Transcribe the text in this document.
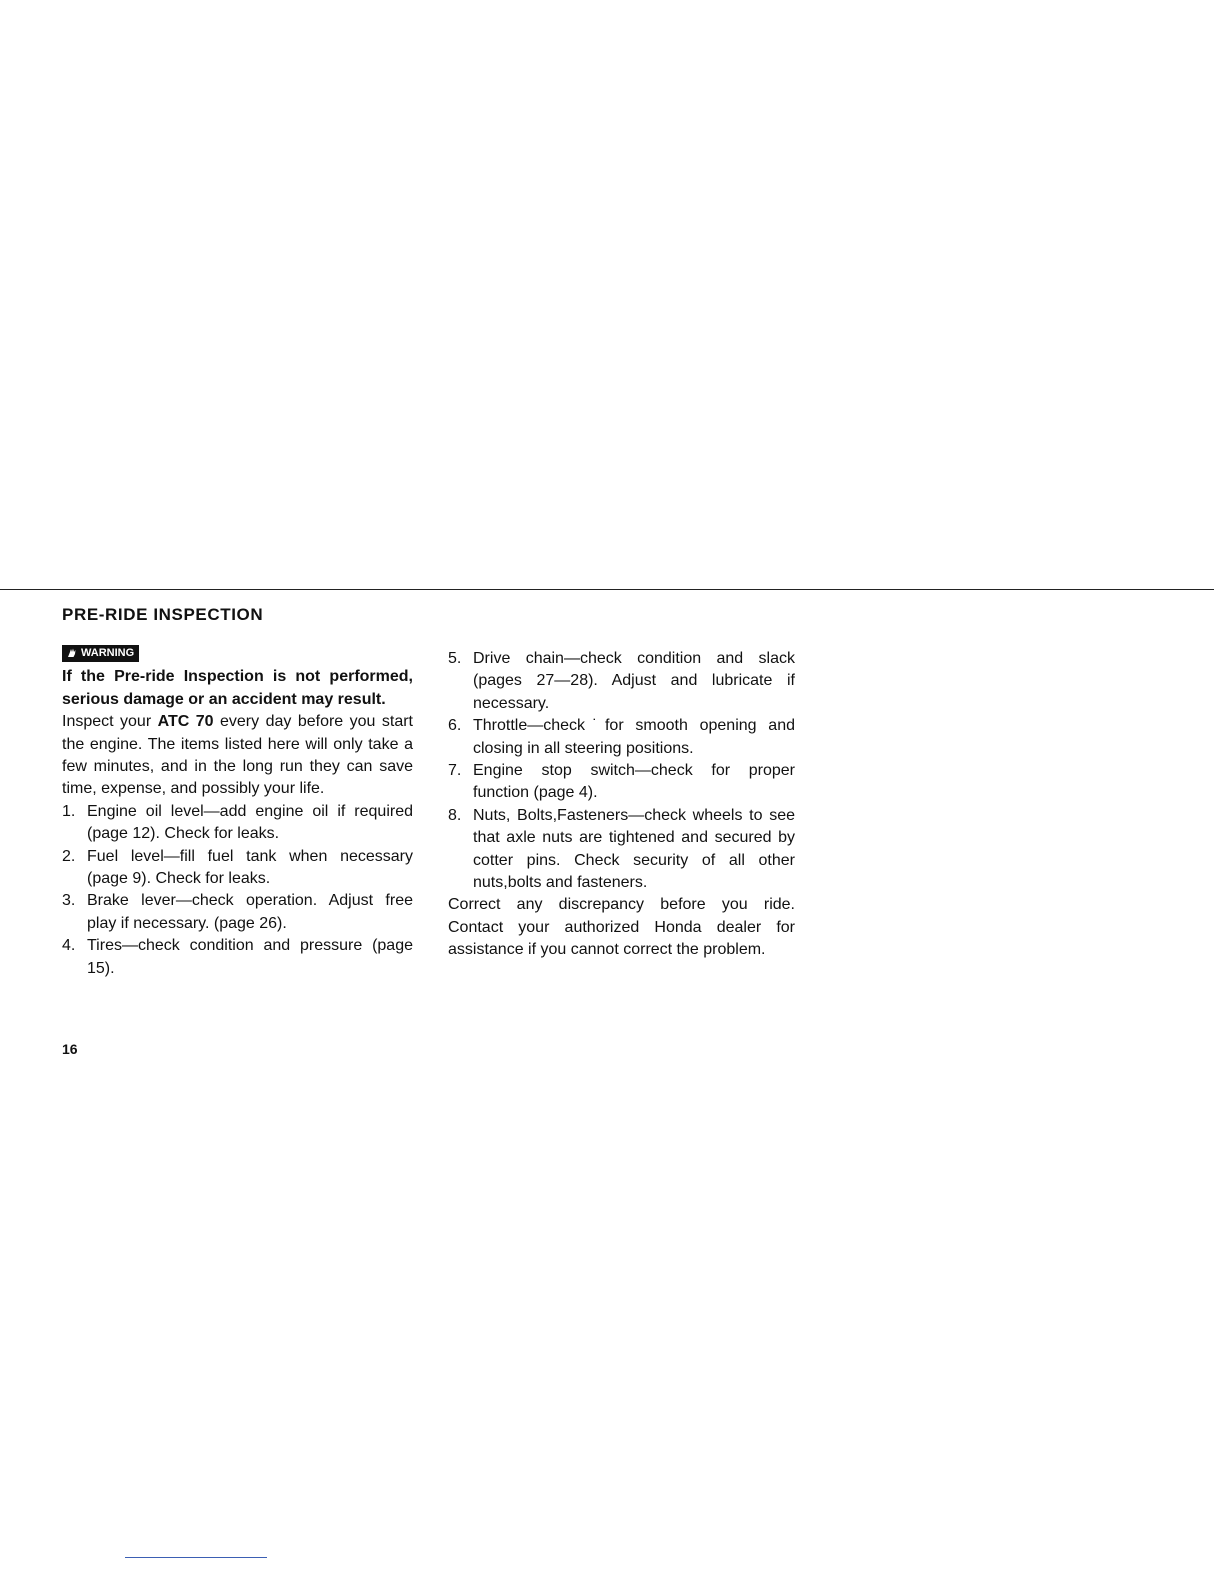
PRE-RIDE INSPECTION
WARNING

If the Pre-ride Inspection is not performed, serious damage or an accident may result.

Inspect your ATC 70 every day before you start the engine. The items listed here will only take a few minutes, and in the long run they can save time, expense, and possibly your life.

1. Engine oil level—add engine oil if required (page 12). Check for leaks.
2. Fuel level—fill fuel tank when necessary (page 9). Check for leaks.
3. Brake lever—check operation. Adjust free play if necessary. (page 26).
4. Tires—check condition and pressure (page 15).
5. Drive chain—check condition and slack (pages 27—28). Adjust and lubricate if necessary.
6. Throttle—check˙for smooth opening and closing in all steering positions.
7. Engine stop switch—check for proper function (page 4).
8. Nuts, Bolts,Fasteners—check wheels to see that axle nuts are tightened and secured by cotter pins. Check security of all other nuts,bolts and fasteners.

Correct any discrepancy before you ride. Contact your authorized Honda dealer for assistance if you cannot correct the problem.

16
